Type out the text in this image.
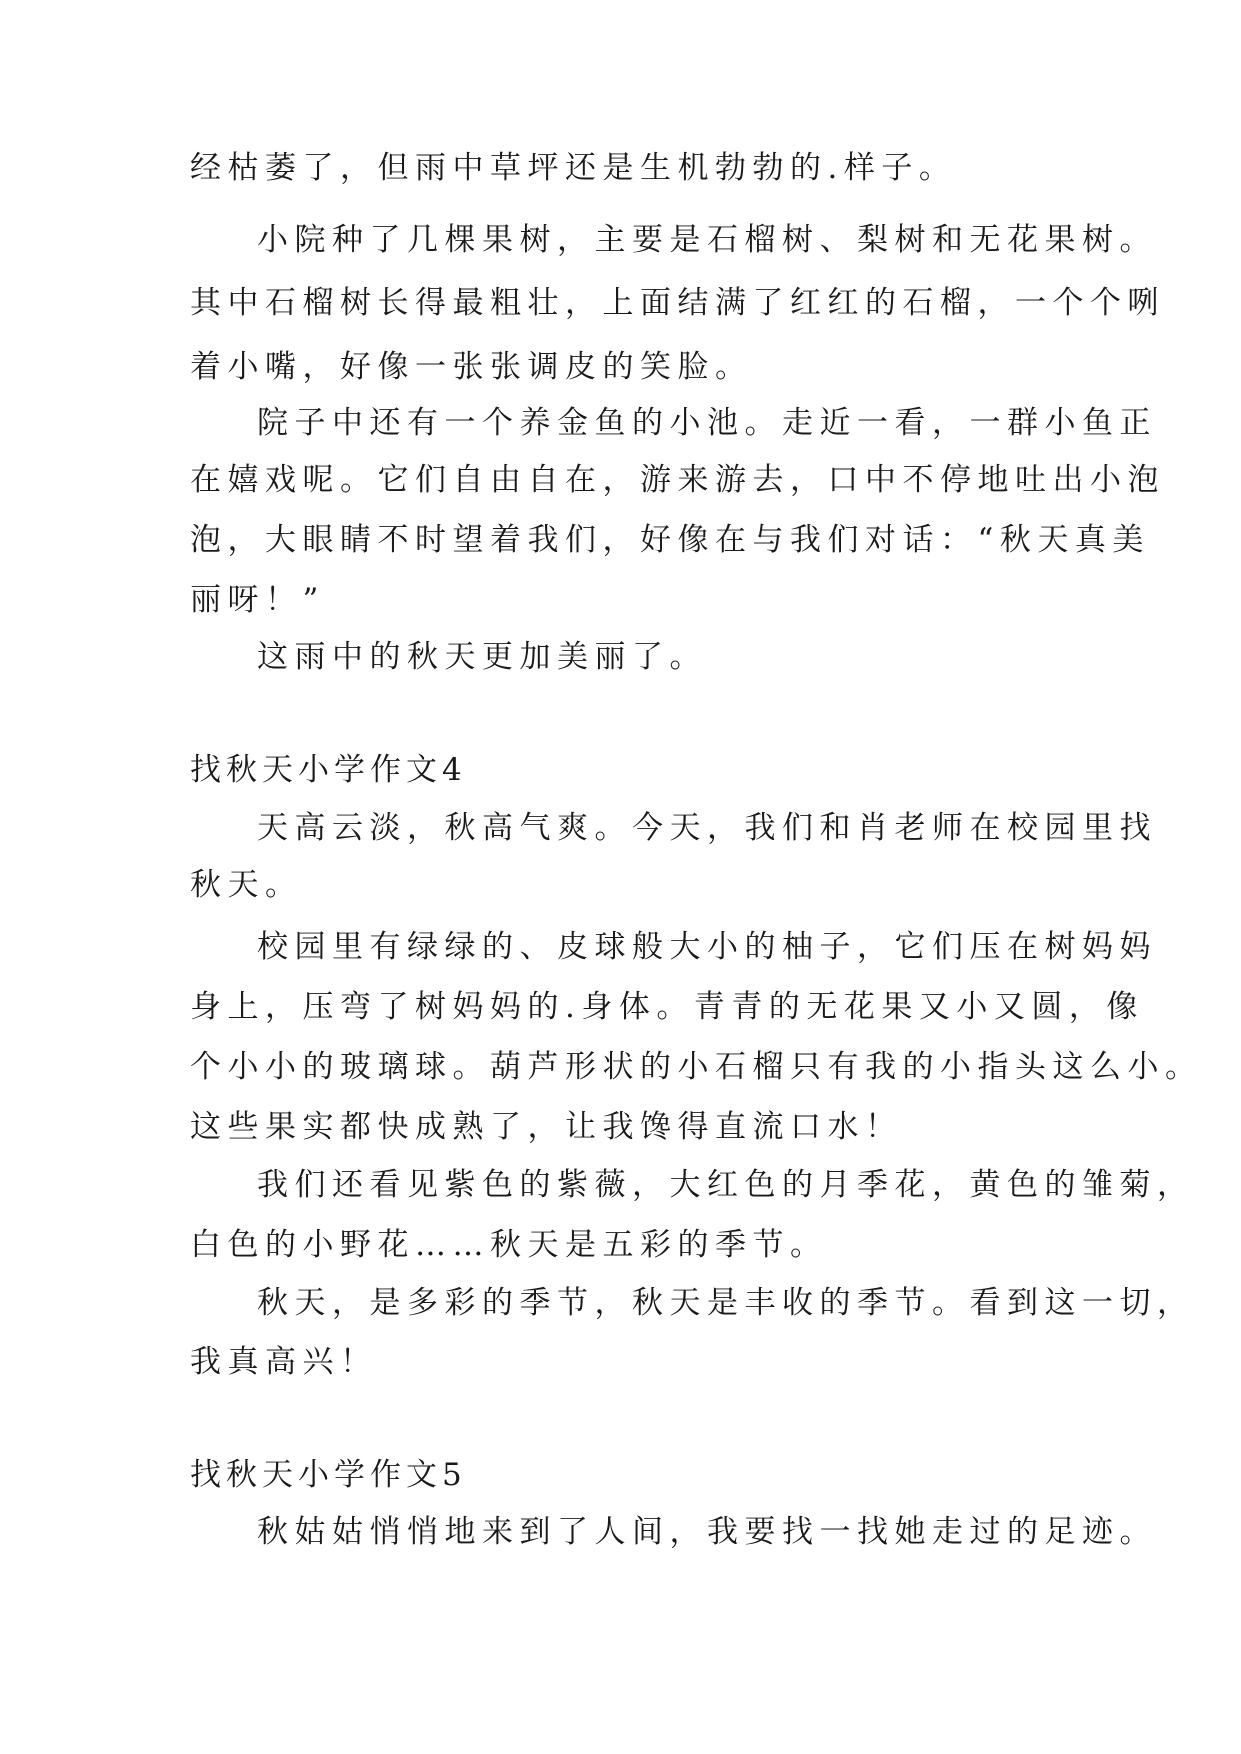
经枯萎了，但雨中草坪还是生机勃勃的.样子。
小院种了几棵果树，主要是石榴树、梨树和无花果树。
其中石榴树长得最粗壮，上面结满了红红的石榴，一个个咧
着小嘴，好像一张张调皮的笑脸。
院子中还有一个养金鱼的小池。走近一看，一群小鱼正
在嬉戏呢。它们自由自在，游来游去，口中不停地吐出小泡
泡，大眼睛不时望着我们，好像在与我们对话：“秋天真美
丽呀！”
这雨中的秋天更加美丽了。
找秋天小学作文4
天高云淡，秋高气爽。今天，我们和肖老师在校园里找
秋天。
校园里有绿绿的、皮球般大小的柚子，它们压在树妈妈
身上，压弯了树妈妈的.身体。青青的无花果又小又圆，像
个小小的玻璃球。葫芦形状的小石榴只有我的小指头这么小。
这些果实都快成熟了，让我馋得直流口水！
我们还看见紫色的紫薇，大红色的月季花，黄色的雏菊，
白色的小野花……秋天是五彩的季节。
秋天，是多彩的季节，秋天是丰收的季节。看到这一切，
我真高兴！
找秋天小学作文5
秋姑姑悄悄地来到了人间，我要找一找她走过的足迹。
